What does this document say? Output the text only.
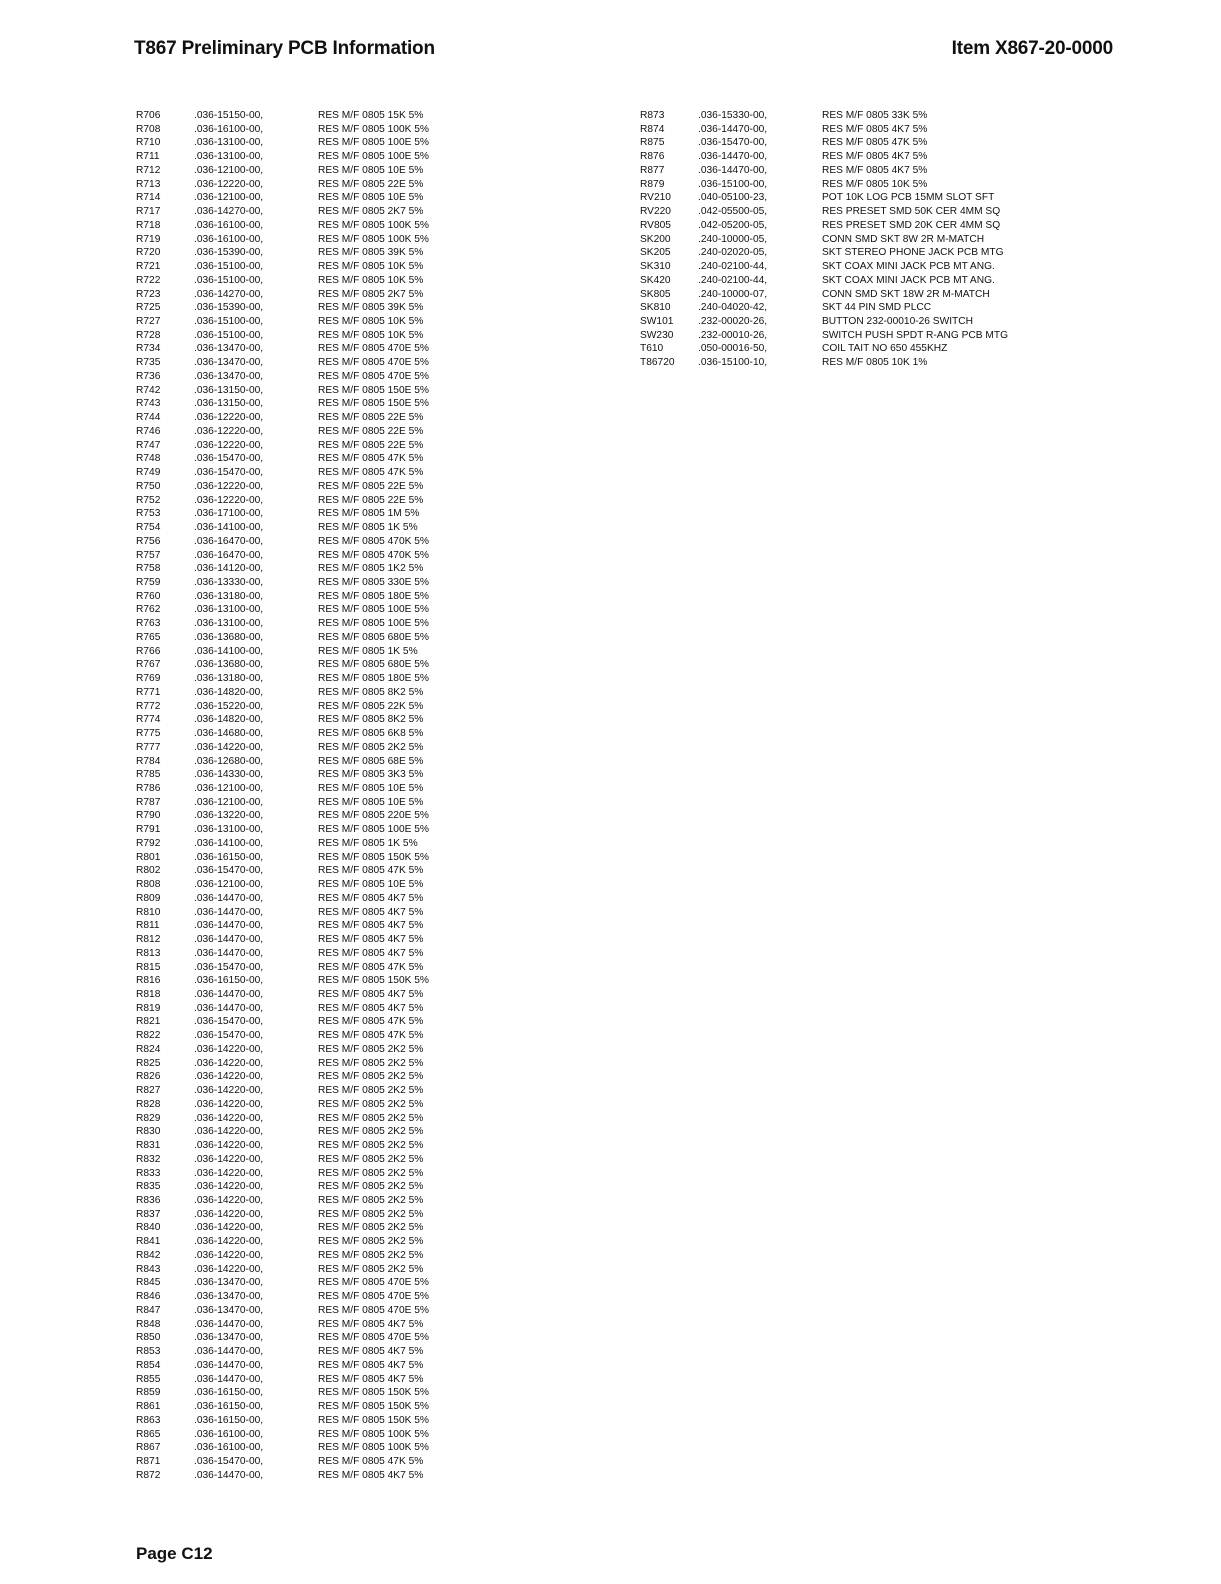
T867 Preliminary PCB Information	Item X867-20-0000
R706	.036-15150-00,	RES M/F 0805 15K 5%
R708	.036-16100-00,	RES M/F 0805 100K 5%
R710	.036-13100-00,	RES M/F 0805 100E 5%
R711	.036-13100-00,	RES M/F 0805 100E 5%
R712	.036-12100-00,	RES M/F 0805 10E 5%
R713	.036-12220-00,	RES M/F 0805 22E 5%
R714	.036-12100-00,	RES M/F 0805 10E 5%
R717	.036-14270-00,	RES M/F 0805 2K7 5%
R718	.036-16100-00,	RES M/F 0805 100K 5%
R719	.036-16100-00,	RES M/F 0805 100K 5%
R720	.036-15390-00,	RES M/F 0805 39K 5%
R721	.036-15100-00,	RES M/F 0805 10K 5%
R722	.036-15100-00,	RES M/F 0805 10K 5%
R723	.036-14270-00,	RES M/F 0805 2K7 5%
R725	.036-15390-00,	RES M/F 0805 39K 5%
R727	.036-15100-00,	RES M/F 0805 10K 5%
R728	.036-15100-00,	RES M/F 0805 10K 5%
R734	.036-13470-00,	RES M/F 0805 470E 5%
R735	.036-13470-00,	RES M/F 0805 470E 5%
R736	.036-13470-00,	RES M/F 0805 470E 5%
R742	.036-13150-00,	RES M/F 0805 150E 5%
R743	.036-13150-00,	RES M/F 0805 150E 5%
R744	.036-12220-00,	RES M/F 0805 22E 5%
R746	.036-12220-00,	RES M/F 0805 22E 5%
R747	.036-12220-00,	RES M/F 0805 22E 5%
R748	.036-15470-00,	RES M/F 0805 47K 5%
R749	.036-15470-00,	RES M/F 0805 47K 5%
R750	.036-12220-00,	RES M/F 0805 22E 5%
R752	.036-12220-00,	RES M/F 0805 22E 5%
R753	.036-17100-00,	RES M/F 0805 1M 5%
R754	.036-14100-00,	RES M/F 0805 1K 5%
R756	.036-16470-00,	RES M/F 0805 470K 5%
R757	.036-16470-00,	RES M/F 0805 470K 5%
R758	.036-14120-00,	RES M/F 0805 1K2 5%
R759	.036-13330-00,	RES M/F 0805 330E 5%
R760	.036-13180-00,	RES M/F 0805 180E 5%
R762	.036-13100-00,	RES M/F 0805 100E 5%
R763	.036-13100-00,	RES M/F 0805 100E 5%
R765	.036-13680-00,	RES M/F 0805 680E 5%
R766	.036-14100-00,	RES M/F 0805 1K 5%
R767	.036-13680-00,	RES M/F 0805 680E 5%
R769	.036-13180-00,	RES M/F 0805 180E 5%
R771	.036-14820-00,	RES M/F 0805 8K2 5%
R772	.036-15220-00,	RES M/F 0805 22K 5%
R774	.036-14820-00,	RES M/F 0805 8K2 5%
R775	.036-14680-00,	RES M/F 0805 6K8 5%
R777	.036-14220-00,	RES M/F 0805 2K2 5%
R784	.036-12680-00,	RES M/F 0805 68E 5%
R785	.036-14330-00,	RES M/F 0805 3K3 5%
R786	.036-12100-00,	RES M/F 0805 10E 5%
R787	.036-12100-00,	RES M/F 0805 10E 5%
R790	.036-13220-00,	RES M/F 0805 220E 5%
R791	.036-13100-00,	RES M/F 0805 100E 5%
R792	.036-14100-00,	RES M/F 0805 1K 5%
R801	.036-16150-00,	RES M/F 0805 150K 5%
R802	.036-15470-00,	RES M/F 0805 47K 5%
R808	.036-12100-00,	RES M/F 0805 10E 5%
R809	.036-14470-00,	RES M/F 0805 4K7 5%
R810	.036-14470-00,	RES M/F 0805 4K7 5%
R811	.036-14470-00,	RES M/F 0805 4K7 5%
R812	.036-14470-00,	RES M/F 0805 4K7 5%
R813	.036-14470-00,	RES M/F 0805 4K7 5%
R815	.036-15470-00,	RES M/F 0805 47K 5%
R816	.036-16150-00,	RES M/F 0805 150K 5%
R818	.036-14470-00,	RES M/F 0805 4K7 5%
R819	.036-14470-00,	RES M/F 0805 4K7 5%
R821	.036-15470-00,	RES M/F 0805 47K 5%
R822	.036-15470-00,	RES M/F 0805 47K 5%
R824	.036-14220-00,	RES M/F 0805 2K2 5%
R825	.036-14220-00,	RES M/F 0805 2K2 5%
R826	.036-14220-00,	RES M/F 0805 2K2 5%
R827	.036-14220-00,	RES M/F 0805 2K2 5%
R828	.036-14220-00,	RES M/F 0805 2K2 5%
R829	.036-14220-00,	RES M/F 0805 2K2 5%
R830	.036-14220-00,	RES M/F 0805 2K2 5%
R831	.036-14220-00,	RES M/F 0805 2K2 5%
R832	.036-14220-00,	RES M/F 0805 2K2 5%
R833	.036-14220-00,	RES M/F 0805 2K2 5%
R835	.036-14220-00,	RES M/F 0805 2K2 5%
R836	.036-14220-00,	RES M/F 0805 2K2 5%
R837	.036-14220-00,	RES M/F 0805 2K2 5%
R840	.036-14220-00,	RES M/F 0805 2K2 5%
R841	.036-14220-00,	RES M/F 0805 2K2 5%
R842	.036-14220-00,	RES M/F 0805 2K2 5%
R843	.036-14220-00,	RES M/F 0805 2K2 5%
R845	.036-13470-00,	RES M/F 0805 470E 5%
R846	.036-13470-00,	RES M/F 0805 470E 5%
R847	.036-13470-00,	RES M/F 0805 470E 5%
R848	.036-14470-00,	RES M/F 0805 4K7 5%
R850	.036-13470-00,	RES M/F 0805 470E 5%
R853	.036-14470-00,	RES M/F 0805 4K7 5%
R854	.036-14470-00,	RES M/F 0805 4K7 5%
R855	.036-14470-00,	RES M/F 0805 4K7 5%
R859	.036-16150-00,	RES M/F 0805 150K 5%
R861	.036-16150-00,	RES M/F 0805 150K 5%
R863	.036-16150-00,	RES M/F 0805 150K 5%
R865	.036-16100-00,	RES M/F 0805 100K 5%
R867	.036-16100-00,	RES M/F 0805 100K 5%
R871	.036-15470-00,	RES M/F 0805 47K 5%
R872	.036-14470-00,	RES M/F 0805 4K7 5%
R873	.036-15330-00,	RES M/F 0805 33K 5%
R874	.036-14470-00,	RES M/F 0805 4K7 5%
R875	.036-15470-00,	RES M/F 0805 47K 5%
R876	.036-14470-00,	RES M/F 0805 4K7 5%
R877	.036-14470-00,	RES M/F 0805 4K7 5%
R879	.036-15100-00,	RES M/F 0805 10K 5%
RV210	.040-05100-23,	POT 10K LOG PCB 15MM SLOT SFT
RV220	.042-05500-05,	RES PRESET SMD 50K CER 4MM SQ
RV805	.042-05200-05,	RES PRESET SMD 20K CER 4MM SQ
SK200	.240-10000-05,	CONN SMD SKT 8W 2R M-MATCH
SK205	.240-02020-05,	SKT STEREO PHONE JACK PCB MTG
SK310	.240-02100-44,	SKT COAX MINI JACK PCB MT ANG.
SK420	.240-02100-44,	SKT COAX MINI JACK PCB MT ANG.
SK805	.240-10000-07,	CONN SMD SKT 18W 2R M-MATCH
SK810	.240-04020-42,	SKT 44 PIN SMD PLCC
SW101	.232-00020-26,	BUTTON 232-00010-26 SWITCH
SW230	.232-00010-26,	SWITCH PUSH SPDT R-ANG PCB MTG
T610	.050-00016-50,	COIL TAIT NO 650 455KHZ
T86720	.036-15100-10,	RES M/F 0805 10K 1%
Page C12
